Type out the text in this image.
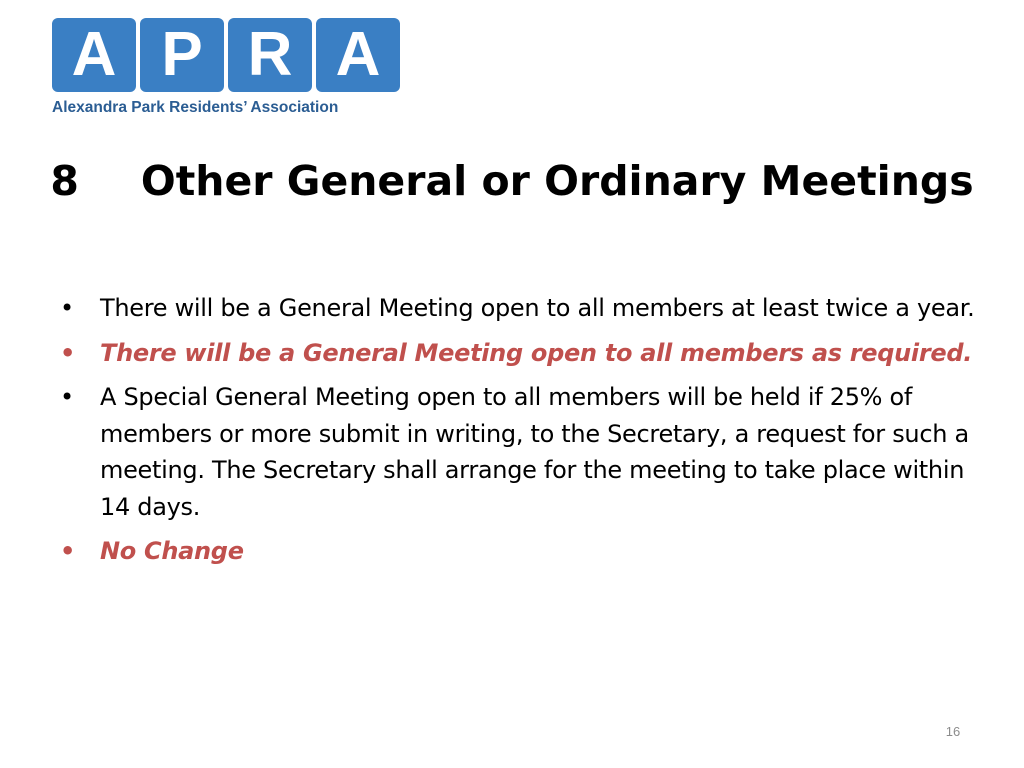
A P R A
Alexandra Park Residents’ Association
8 Other General or Ordinary Meetings
• There will be a General Meeting open to all members at least twice a year.
• There will be a General Meeting open to all members as required.
• A Special General Meeting open to all members will be held if 25% of members or more submit in writing, to the Secretary, a request for such a meeting. The Secretary shall arrange for the meeting to take place within 14 days.
• No Change
16
